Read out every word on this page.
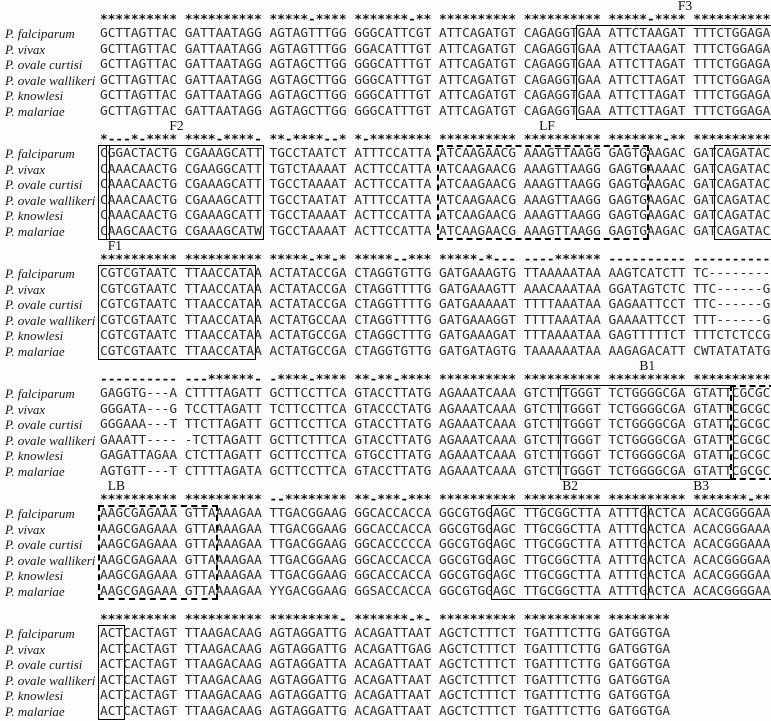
F3
********** ********** *****-**** *******-** ********** ********** *****-**** **********
P. falciparum	GCTTAGTTAC GATTAATAGG AGTAGTTTGG GGGCATTCGT ATTCAGATGT CAGAGGTGAA ATTCTAAGAT TTTCTGGAGA
P. vivax	GCTTAGTTAC GATTAATAGG AGTAGTTTGG GGACATTTGT ATTCAGATGT CAGAGGTGAA ATTCTAAGAT TTTCTGGAGA
P. ovale curtisi	GCTTAGTTAC GATTAATAGG AGTAGCTTGG GGGCATTTGT ATTCAGATGT CAGAGGTGAA ATTCTTAGAT TTTCTGGAGA
P. ovale wallikeri GCTTAGTTAC GATTAATAGG AGTAGCTTGG GGGCATTTGT ATTCAGATGT CAGAGGTGAA ATTCTTAGAT TTTCTGGAGA
P. knowlesi	GCTTAGTTAC GATTAATAGG AGTAGCTTGG GGGCATTTGT ATTCAGATGT CAGAGGTGAA ATTCTTAGAT TTTCTGGAGA
P. malariae	GCTTAGTTAC GATTAATAGG AGTAGCTTGG GGGCATTTGT ATTCAGATGT CAGAGGTGAA ATTCTTAGAT TTTCTGGAGA
F2	LF
*---*-**** ****-****- **-****--* *-******** ********** ********** *******-** **********
P. falciparum	CGGACTACTG CGAAAGCATT TGCCTAATCT ATTTCCATTA ATCAAGAACG AAAGTTAAGG GAGTGAAGAC GATCAGATAC
P. vivax	CAAACAACTG CGAAGGCATT TGTCTAAAAT ACTTCCATTA ATCAAGAACG AAAGTTAAGG GAGTGAAAAC GATCAGATAC
P. ovale curtisi	CAAACAACTG CGAAAGCATT TGCCTAAAAT ACTTCCATTA ATCAAGAACG AAAGTTAAGG GAGTGAAGAC GATCAGATAC
P. ovale wallikeri CAAACAACTG CGAAAGCATT TGCCTAATAT ATTTCCATTA ATCAAGAACG AAAGTTAAGG GAGTGAAGAC GATCAGATAC
P. knowlesi	CAAACAACTG CGAAAGCATT TGCCTAAAAT ACTTCCATTA ATCAAGAACG AAAGTTAAGG GAGTGAAGAC GATCAGATAC
P. malariae	CAAGCAACTG CGAAAGCATW TGCCTAAAAT ACTTCCATTA ATCAAGAACG AAAGTTAAGG GAGTGAAGAC GATCAGATAC
F1
********** ********** *****-**-* *****--*** *****-*--- ----****** ---------- ----------
P. falciparum	CGTCGTAATC TTAACCATAA ACTATACCGA CTAGGTGTTG GATGAAAGTG TTAAAAATAA AAGTCATCTT TC--------
P. vivax	CGTCGTAATC TTAACCATAA ACTATACCGA CTAGGTTTTG GATGAAAGTT AAACAAATAA GGATAGTCTC TTC------G
P. ovale curtisi	CGTCGTAATC TTAACCATAA ACTATACCGA CTAGGTTTTG GATGAAAAAT TTTTAAATAA GAGAATTCCT TTC------G
P. ovale wallikeri CGTCGTAATC TTAACCATAA ACTATGCCAA CTAGGTTTTG GATGAAAGGT TTTTAAATAA GAAAATTCCT TTT------G
P. knowlesi	CGTCGTAATC TTAACCATAA ACTATGCCGA CTAGGCTTTG GATGAAAGAT TTTAAAATAA GAGTTTTTCT TTTCTCTCCG
P. malariae	CGTCGTAATC TTAACCATAA ACTATGCCGA CTAGGTGTTG GATGATAGTG TAAAAAATAA AAGAGACATT CWTATATATG
B1
---------- ---******- -****-**** **-**-**** ********** ********** ********** **********
P. falciparum	GAGGTG---A CTTTTAGATT GCTTCCTTCA GTACCTTATG AGAAATCAAA GTCTTTGGGT TCTGGGGCGA GTATTCGCGC
P. vivax	GGGATA---G TCCTTAGATT TCTTCCTTCA GTACCCTATG AGAAATCAAA GTCTTTGGGT TCTGGGGCGA GTATTCGCGC
P. ovale curtisi	GGGAAA---T TTCTTAGATT GCTTCCTTCA GTACCTTATG AGAAATCAAA GTCTTTGGGT TCTGGGGCGA GTATTCGCGC
P. ovale wallikeri GAAATT---- -TCTTAGATT GCTTCTTTCA GTACCTTATG AGAAATCAAA GTCTTTGGGT TCTGGGGCGA GTATTCGCGC
P. knowlesi	GAGATTAGAA CTCTTAGATT GCTTCCTTCA GTGCCTTATG AGAAATCAAA GTCTTTGGGT TCTGGGGCGA GTATTCGCGC
P. malariae	AGTGTT---T CTTTTAGATA GCTTCCTTCA GTACCTTATG AGAAATCAAA GTCTTTGGGT TCTGGGGCGA GTATTCGCGC
LB	B2	B3
********** ********** --******** **-***-*** ********** ********** ********** *******-**
P. falciparum	AAGCGAGAAA GTTAAAAGAA TTGACGGAAG GGCACCACCA GGCGTGGAGC TTGCGGCTTA ATTTGACTCA ACACGGGGAA
P. vivax	AAGCGAGAAA GTTAAAAGAA TTGACGGAAG GGCACCACCA GGCGTGGAGC TTGCGGCTTA ATTTGACTCA ACACGGGAAA
P. ovale curtisi	AAGCGAGAAA GTTAAAAGAA TTGACGGAAG GGCACCCCCA GGCGTGGAGC TTGCGGCTTA ATTTGACTCA ACACGGGAAA
P. ovale wallikeri AAGCGAGAAA GTTAAAAGAA TTGACGGAAG GGCACCACCA GGCGTGGAGC TTGCGGCTTA ATTTGACTCA ACACGGGGAA
P. knowlesi	AAGCGAGAAA GTTAAAAGAA TTGACGGAAG GGCACCACCA GGCGTGGAGC TTGCGGCTTA ATTTGACTCA ACACGGGGAA
P. malariae	AAGCGAGAAA GTTAAAAGAA YYGACGGAAG GGSACCACCA GGCGTGGAGC TTGCGGCTTA ATTTGACTCA ACACGGGGAA
********** ********** *********- *******-*- ********** ********** ********
P. falciparum	ACTCACTAGT TTAAGACAAG AGTAGGATTG ACAGATTAAT AGCTCTTTCT TGATTTCTTG GATGGTGA
P. vivax	ACTCACTAGT TTAAGACAAG AGTAGGATTG ACAGATTGAG AGCTCTTTCT TGATTTCTTG GATGGTGA
P. ovale curtisi	ACTCACTAGT TTAAGACAAG AGTAGGATTA ACAGATTAAT AGCTCTTTCT TGATTTCTTG GATGGTGA
P. ovale wallikeri ACTCACTAGT TTAAGACAAG AGTAGGATTG ACAGATTAAT AGCTCTTTCT TGATTTCTTG GATGGTGA
P. knowlesi	ACTCACTAGT TTAAGACAAG AGTAGGATTG ACAGATTAAT AGCTCTTTCT TGATTTCTTG GATGGTGA
P. malariae	ACTCACTAGT TTAAGACAAG AGTAGGATTG ACAGATTAAT AGCTCTTTCT TGATTTCTTG GATGGTGA
